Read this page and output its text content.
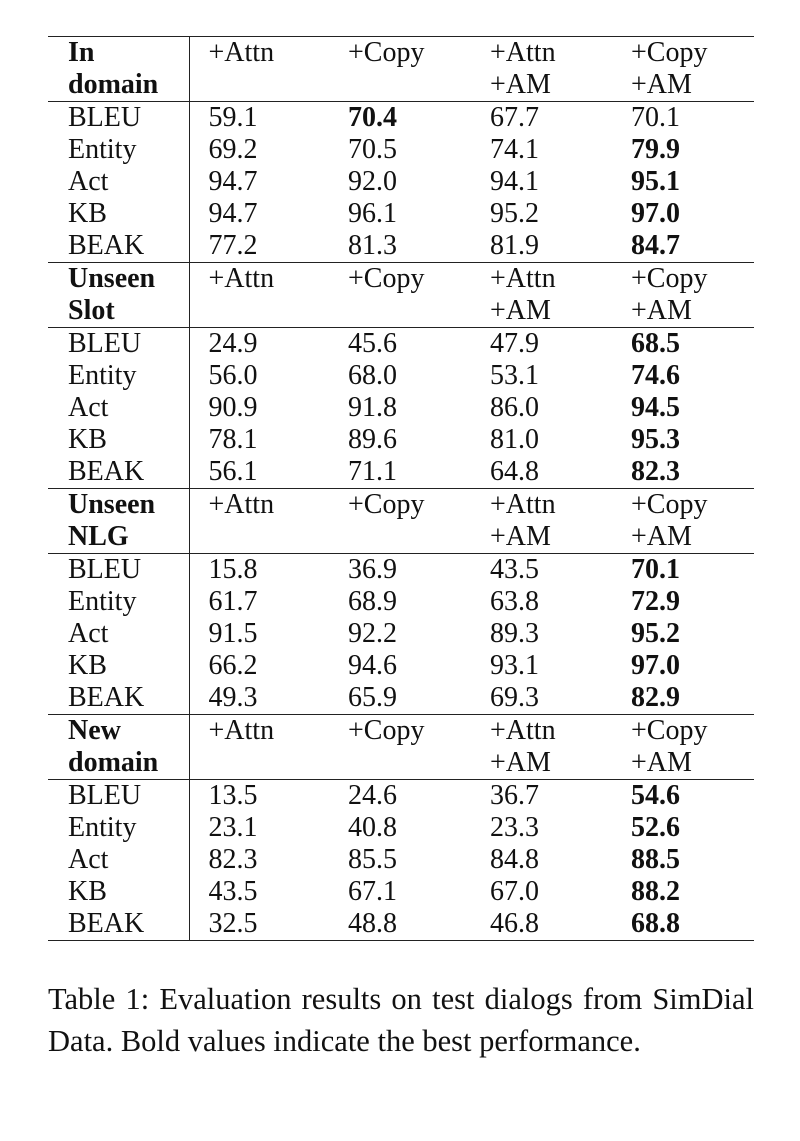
In	+Attn	+Copy	+Attn	+Copy
domain			+AM	+AM
BLEU	59.1	70.4	67.7	70.1
Entity	69.2	70.5	74.1	79.9
Act	94.7	92.0	94.1	95.1
KB	94.7	96.1	95.2	97.0
BEAK	77.2	81.3	81.9	84.7
Unseen	+Attn	+Copy	+Attn	+Copy
Slot			+AM	+AM
BLEU	24.9	45.6	47.9	68.5
Entity	56.0	68.0	53.1	74.6
Act	90.9	91.8	86.0	94.5
KB	78.1	89.6	81.0	95.3
BEAK	56.1	71.1	64.8	82.3
Unseen	+Attn	+Copy	+Attn	+Copy
NLG			+AM	+AM
BLEU	15.8	36.9	43.5	70.1
Entity	61.7	68.9	63.8	72.9
Act	91.5	92.2	89.3	95.2
KB	66.2	94.6	93.1	97.0
BEAK	49.3	65.9	69.3	82.9
New	+Attn	+Copy	+Attn	+Copy
domain			+AM	+AM
BLEU	13.5	24.6	36.7	54.6
Entity	23.1	40.8	23.3	52.6
Act	82.3	85.5	84.8	88.5
KB	43.5	67.1	67.0	88.2
BEAK	32.5	48.8	46.8	68.8

Table 1: Evaluation results on test dialogs from SimDial Data. Bold values indicate the best performance.
